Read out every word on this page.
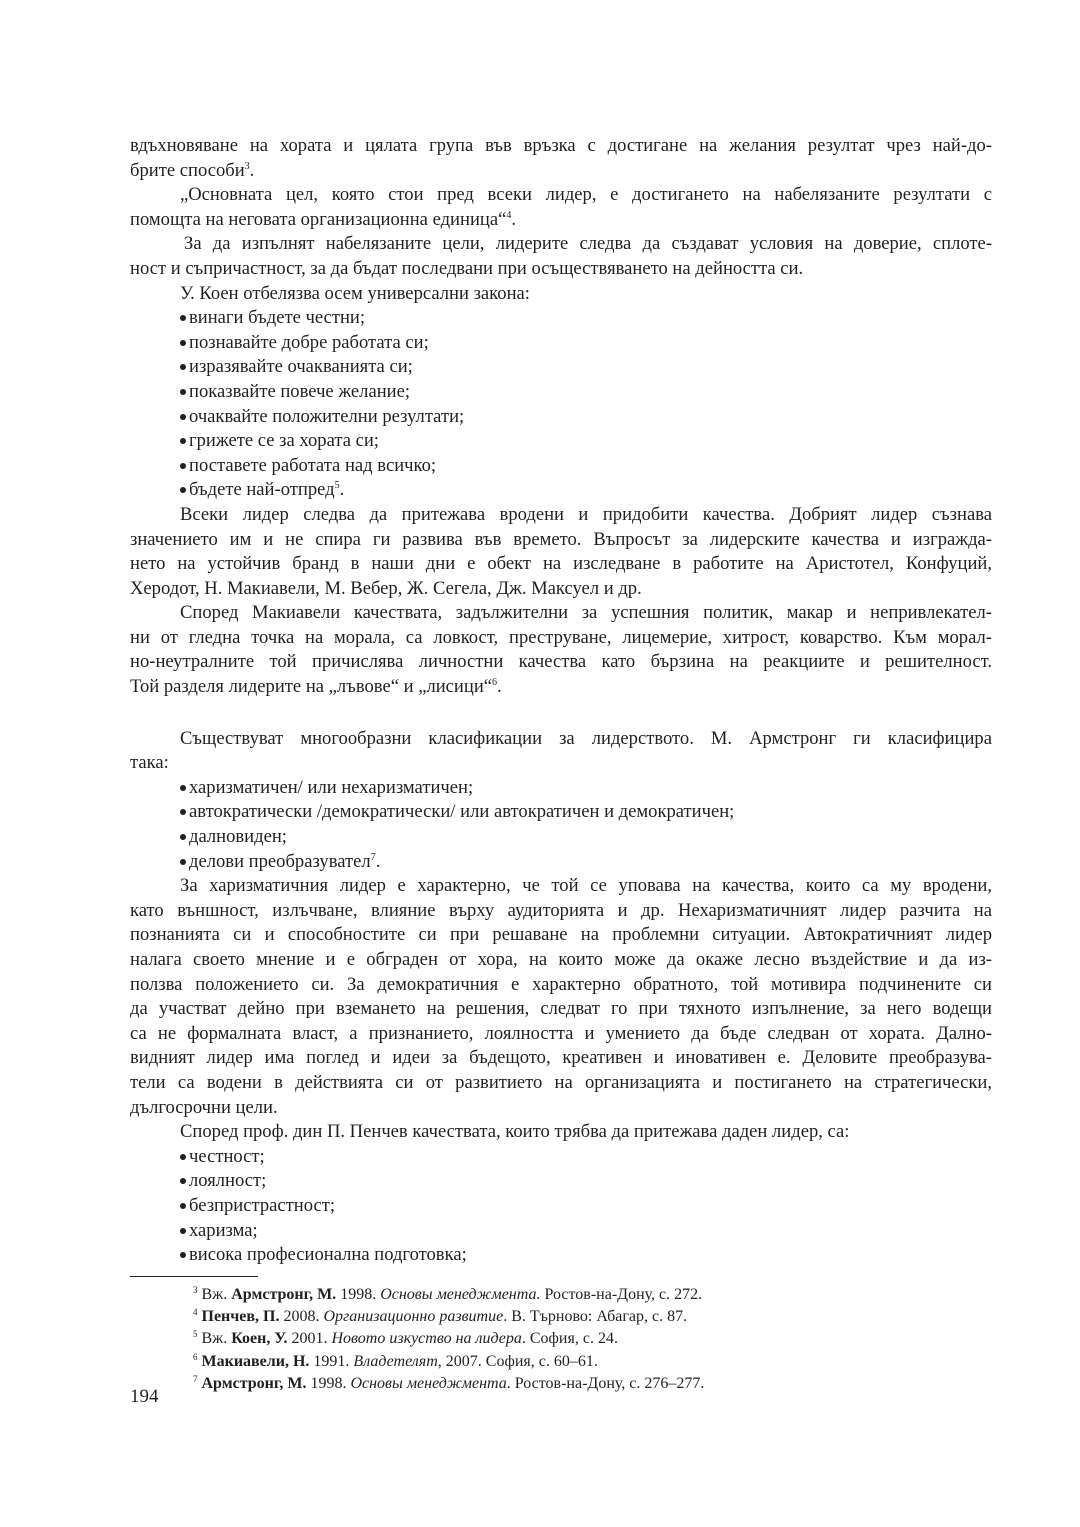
вдъхновяване на хората и цялата група във връзка с достигане на желания резултат чрез най-до-
брите способи$^3$.
„Основната цел, която стои пред всеки лидер, е достигането на набелязаните резултати с
помощта на неговата организационна единица“$^4$.
За да изпълнят набелязаните цели, лидерите следва да създават условия на доверие, сплоте-
ност и съпричастност, за да бъдат последвани при осъществяването на дейността си.
У. Коен отбелязва осем универсални закона:
винаги бъдете честни;
познавайте добре работата си;
изразявайте очакванията си;
показвайте повече желание;
очаквайте положителни резултати;
грижете се за хората си;
поставете работата над всичко;
бъдете най-отпред$^5$.
Всеки лидер следва да притежава вродени и придобити качества. Добрият лидер съзнава
значението им и не спира ги развива във времето. Въпросът за лидерските качества и изгражда-
нето на устойчив бранд в наши дни е обект на изследване в работите на Аристотел, Конфуций,
Херодот, Н. Макиавели, М. Вебер, Ж. Сегела, Дж. Максуел и др.
Според Макиавели качествата, задължителни за успешния политик, макар и непривлекател-
ни от гледна точка на морала, са ловкост, преструване, лицемерие, хитрост, коварство. Към морал-
но-неутралните той причислява личностни качества като бързина на реакциите и решителност.
Той разделя лидерите на „лъвове“ и „лисици“$^6$.
Съществуват многообразни класификации за лидерството. М. Армстронг ги класифицира
така:
харизматичен/ или нехаризматичен;
автократически /демократически/ или автократичен и демократичен;
далновиден;
делови преобразувател$^7$.
За харизматичния лидер е характерно, че той се уповава на качества, които са му вродени,
като външност, излъчване, влияние върху аудиторията и др. Нехаризматичният лидер разчита на
познанията си и способностите си при решаване на проблемни ситуации. Автократичният лидер
налага своето мнение и е обграден от хора, на които може да окаже лесно въздействие и да из-
ползва положението си. За демократичния е характерно обратното, той мотивира подчинените си
да участват дейно при вземането на решения, следват го при тяхното изпълнение, за него водещи
са не формалната власт, а признанието, лоялността и умението да бъде следван от хората. Дално-
видният лидер има поглед и идеи за бъдещото, креативен и иновативен е. Деловите преобразува-
тели са водени в действията си от развитието на организацията и постигането на стратегически,
дългосрочни цели.
Според проф. дин П. Пенчев качествата, които трябва да притежава даден лидер, са:
честност;
лоялност;
безпристрастност;
харизма;
висока професионална подготовка;
$^3$ Вж. Армстронг, М. 1998. Основы менеджмента. Ростов-на-Дону, с. 272.
$^4$ Пенчев, П. 2008. Организационно развитие. В. Търново: Абагар, с. 87.
$^5$ Вж. Коен, У. 2001. Новото изкуство на лидера. София, с. 24.
$^6$ Макиавели, Н. 1991. Владетелят, 2007. София, с. 60–61.
$^7$ Армстронг, М. 1998. Основы менеджмента. Ростов-на-Дону, с. 276–277.
194
